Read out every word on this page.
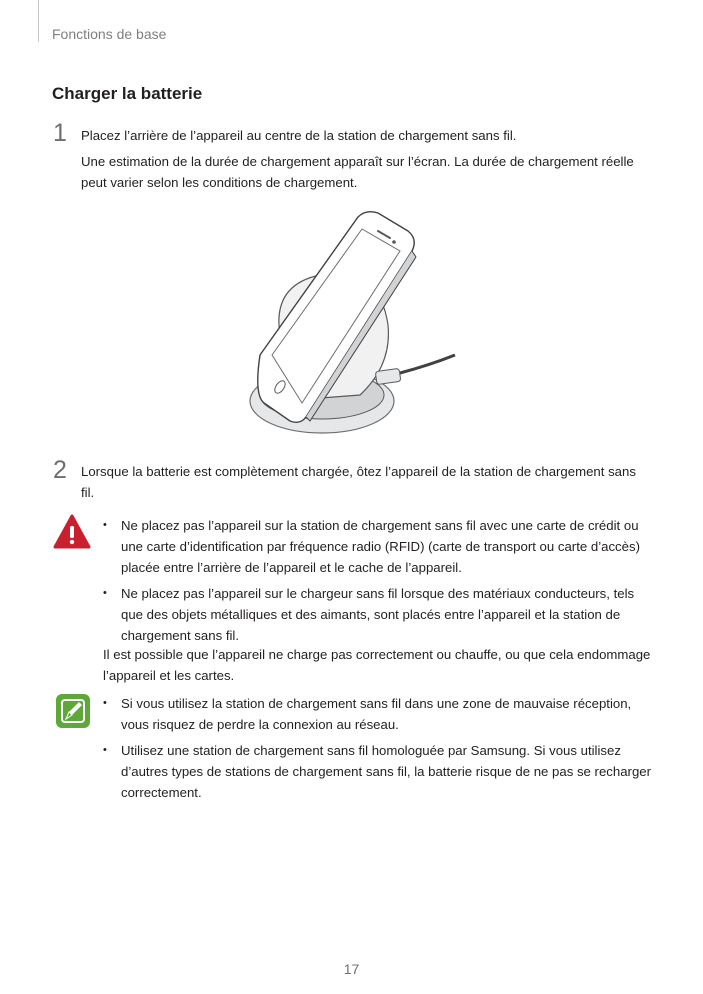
Fonctions de base
Charger la batterie
1 Placez l’arrière de l’appareil au centre de la station de chargement sans fil.

Une estimation de la durée de chargement apparaît sur l’écran. La durée de chargement réelle peut varier selon les conditions de chargement.

2 Lorsque la batterie est complètement chargée, ôtez l’appareil de la station de chargement sans fil.

• Ne placez pas l’appareil sur la station de chargement sans fil avec une carte de crédit ou une carte d’identification par fréquence radio (RFID) (carte de transport ou carte d’accès) placée entre l’arrière de l’appareil et le cache de l’appareil.
• Ne placez pas l’appareil sur le chargeur sans fil lorsque des matériaux conducteurs, tels que des objets métalliques et des aimants, sont placés entre l’appareil et la station de chargement sans fil.

Il est possible que l’appareil ne charge pas correctement ou chauffe, ou que cela endommage l’appareil et les cartes.

• Si vous utilisez la station de chargement sans fil dans une zone de mauvaise réception, vous risquez de perdre la connexion au réseau.
• Utilisez une station de chargement sans fil homologuée par Samsung. Si vous utilisez d’autres types de stations de chargement sans fil, la batterie risque de ne pas se recharger correctement.
17
